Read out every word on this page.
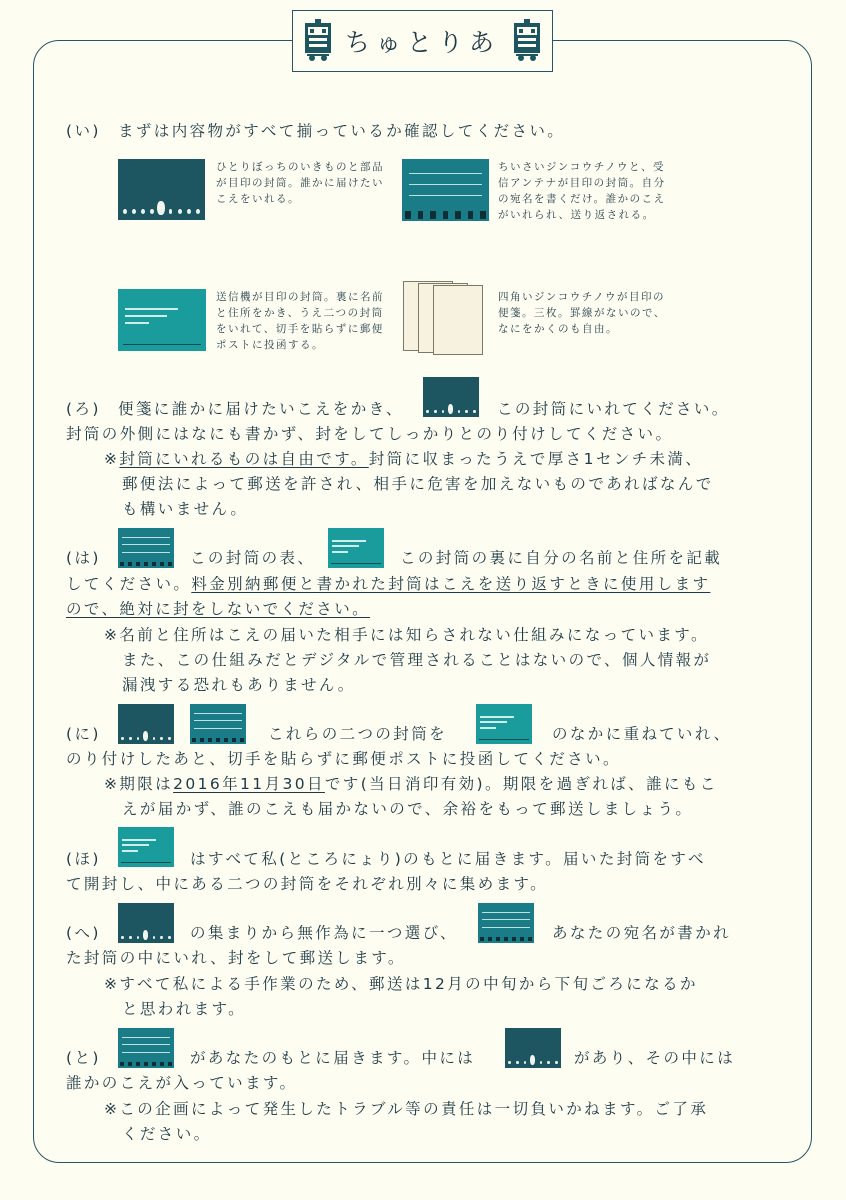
ちゅとりあ
(い) まずは内容物がすべて揃っているか確認してください。
ひとりぼっちのいきものと部品
が目印の封筒。誰かに届けたい
こえをいれる。
ちいさいジンコウチノウと、受
信アンテナが目印の封筒。自分
の宛名を書くだけ。誰かのこえ
がいれられ、送り返される。
送信機が目印の封筒。裏に名前
と住所をかき、うえ二つの封筒
をいれて、切手を貼らずに郵便
ポストに投函する。
四角いジンコウチノウが目印の
便箋。三枚。罫線がないので、
なにをかくのも自由。
(ろ) 便箋に誰かに届けたいこえをかき、	この封筒にいれてください。
封筒の外側にはなにも書かず、封をしてしっかりとのり付けしてください。
※封筒にいれるものは自由です。封筒に収まったうえで厚さ1センチ未満、
郵便法によって郵送を許され、相手に危害を加えないものであればなんで
も構いません。
(は)	この封筒の表、	この封筒の裏に自分の名前と住所を記載
してください。料金別納郵便と書かれた封筒はこえを送り返すときに使用します
ので、絶対に封をしないでください。
※名前と住所はこえの届いた相手には知らされない仕組みになっています。
また、この仕組みだとデジタルで管理されることはないので、個人情報が
漏洩する恐れもありません。
(に)	これらの二つの封筒を	のなかに重ねていれ、
のり付けしたあと、切手を貼らずに郵便ポストに投函してください。
※期限は2016年11月30日です(当日消印有効)。期限を過ぎれば、誰にもこ
えが届かず、誰のこえも届かないので、余裕をもって郵送しましょう。
(ほ)	はすべて私(ところにょり)のもとに届きます。届いた封筒をすべ
て開封し、中にある二つの封筒をそれぞれ別々に集めます。
(へ)	の集まりから無作為に一つ選び、	あなたの宛名が書かれ
た封筒の中にいれ、封をして郵送します。
※すべて私による手作業のため、郵送は12月の中旬から下旬ごろになるか
と思われます。
(と)	があなたのもとに届きます。中には	があり、その中には
誰かのこえが入っています。
※この企画によって発生したトラブル等の責任は一切負いかねます。ご了承
ください。
